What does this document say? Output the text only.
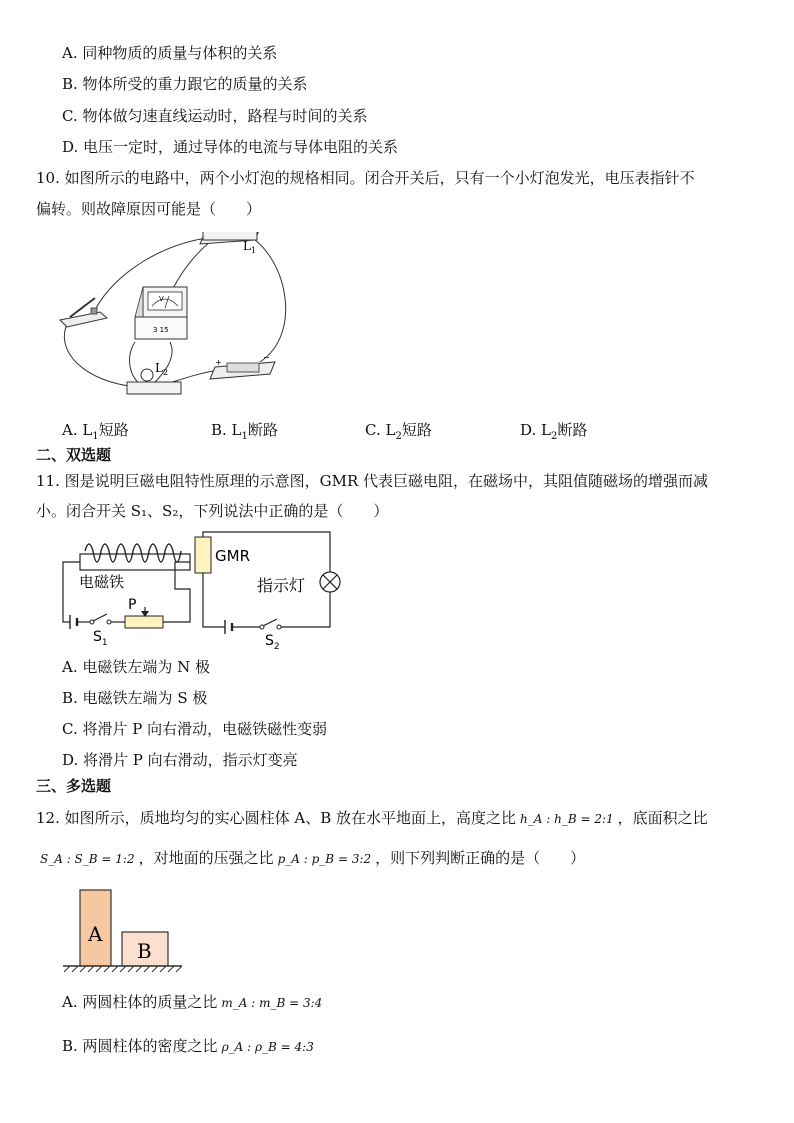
A. 同种物质的质量与体积的关系
B. 物体所受的重力跟它的质量的关系
C. 物体做匀速直线运动时，路程与时间的关系
D. 电压一定时，通过导体的电流与导体电阻的关系
10. 如图所示的电路中，两个小灯泡的规格相同。闭合开关后，只有一个小灯泡发光，电压表指针不
偏转。则故障原因可能是（　　）
V
3 15
+
−
$L_1$
$L_2$
A. $L_1$短路	B. $L_1$断路	C. $L_2$短路	D. $L_2$断路
二、双选题
11. 图是说明巨磁电阻特性原理的示意图，GMR 代表巨磁电阻，在磁场中，其阻值随磁场的增强而减
小。闭合开关 S₁、S₂，下列说法中正确的是（　　）
P
电磁铁
$S_1$
GMR
指示灯
$S_2$
A. 电磁铁左端为 N 极
B. 电磁铁左端为 S 极
C. 将滑片 P 向右滑动，电磁铁磁性变弱
D. 将滑片 P 向右滑动，指示灯变亮
三、多选题
12. 如图所示，质地均匀的实心圆柱体 A、B 放在水平地面上，高度之比 h_A : h_B = 2:1 ，底面积之比
S_A : S_B = 1:2 ，对地面的压强之比 p_A : p_B = 3:2 ，则下列判断正确的是（　　）
A
B
A. 两圆柱体的质量之比 m_A : m_B = 3:4
B. 两圆柱体的密度之比 ρ_A : ρ_B = 4:3
